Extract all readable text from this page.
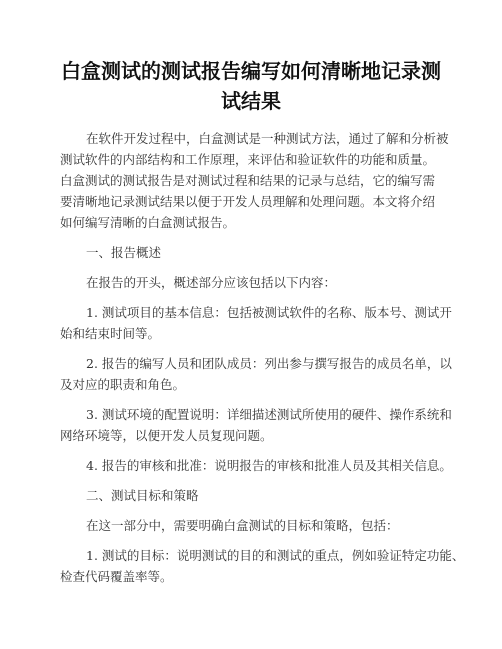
白盒测试的测试报告编写如何清晰地记录测
试结果

在软件开发过程中，白盒测试是一种测试方法，通过了解和分析被
测试软件的内部结构和工作原理，来评估和验证软件的功能和质量。
白盒测试的测试报告是对测试过程和结果的记录与总结，它的编写需
要清晰地记录测试结果以便于开发人员理解和处理问题。本文将介绍
如何编写清晰的白盒测试报告。

一、报告概述

在报告的开头，概述部分应该包括以下内容：

1. 测试项目的基本信息：包括被测试软件的名称、版本号、测试开
始和结束时间等。

2. 报告的编写人员和团队成员：列出参与撰写报告的成员名单，以
及对应的职责和角色。

3. 测试环境的配置说明：详细描述测试所使用的硬件、操作系统和
网络环境等，以便开发人员复现问题。

4. 报告的审核和批准：说明报告的审核和批准人员及其相关信息。

二、测试目标和策略

在这一部分中，需要明确白盒测试的目标和策略，包括：

1. 测试的目标：说明测试的目的和测试的重点，例如验证特定功能、
检查代码覆盖率等。
